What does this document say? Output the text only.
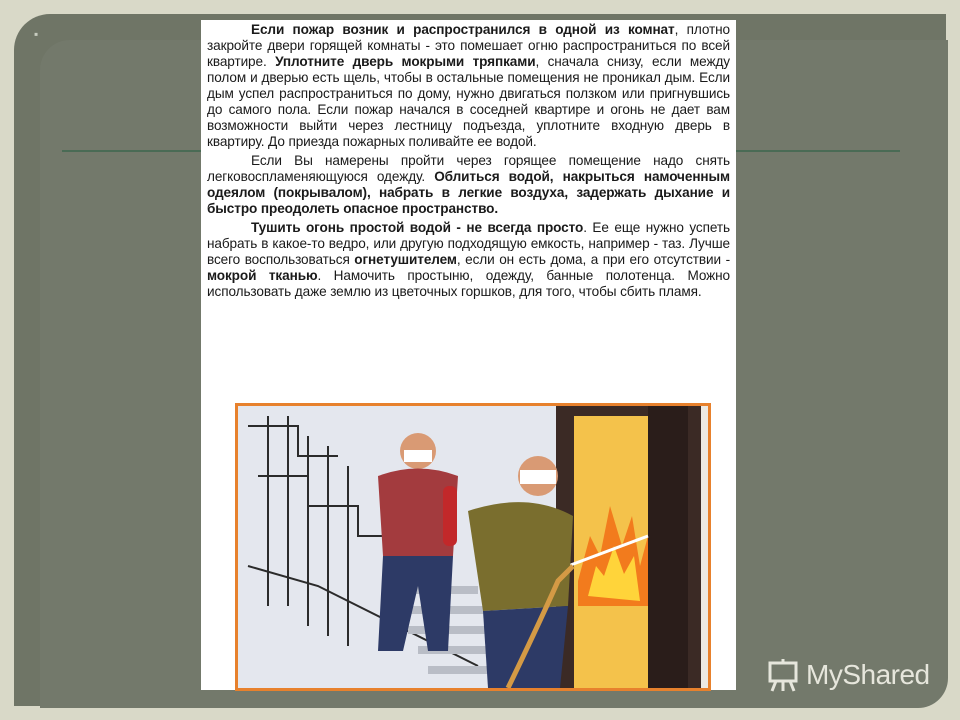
▪	Если пожар возник и распространился в одной из комнат, плотно закройте двери горящей комнаты - это помешает огню распространиться по всей квартире. Уплотните дверь мокрыми тряпками, сначала снизу, если между полом и дверью есть щель, чтобы в остальные помещения не проникал дым. Если дым успел распространиться по дому, нужно двигаться ползком или пригнувшись до самого пола. Если пожар начался в соседней квартире и огонь не дает вам возможности выйти через лестницу подъезда, уплотните входную дверь в квартиру. До приезда пожарных поливайте ее водой.

Если Вы намерены пройти через горящее помещение надо снять легковоспламеняющуюся одежду. Облиться водой, накрыться намоченным одеялом (покрывалом), набрать в легкие воздуха, задержать дыхание и быстро преодолеть опасное пространство.

Тушить огонь простой водой - не всегда просто. Ее еще нужно успеть набрать в какое-то ведро, или другую подходящую емкость, например - таз. Лучше всего воспользоваться огнетушителем, если он есть дома, а при его отсутствии - мокрой тканью. Намочить простыню, одежду, банные полотенца. Можно использовать даже землю из цветочных горшков, для того, чтобы сбить пламя.

MyShared
